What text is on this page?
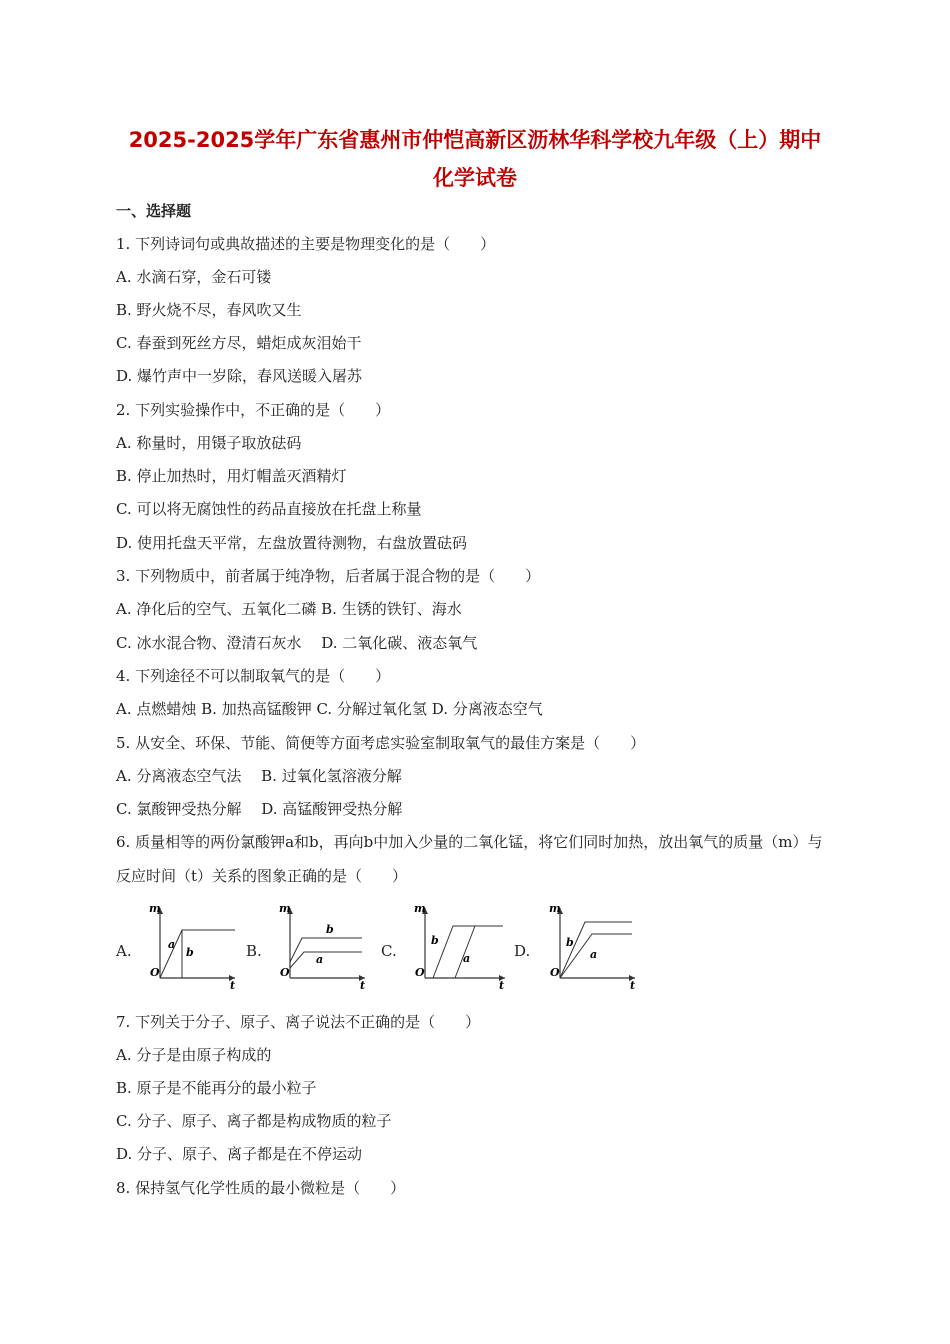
2025-2025学年广东省惠州市仲恺高新区沥林华科学校九年级（上）期中
化学试卷
一、选择题
1. 下列诗词句或典故描述的主要是物理变化的是（　　）
A. 水滴石穿，金石可镂
B. 野火烧不尽，春风吹又生
C. 春蚕到死丝方尽，蜡炬成灰泪始干
D. 爆竹声中一岁除，春风送暖入屠苏
2. 下列实验操作中，不正确的是（　　）
A. 称量时，用镊子取放砝码
B. 停止加热时，用灯帽盖灭酒精灯
C. 可以将无腐蚀性的药品直接放在托盘上称量
D. 使用托盘天平常，左盘放置待测物，右盘放置砝码
3. 下列物质中，前者属于纯净物，后者属于混合物的是（　　）
A. 净化后的空气、五氧化二磷 B. 生锈的铁钉、海水
C. 冰水混合物、澄清石灰水　 D. 二氧化碳、液态氧气
4. 下列途径不可以制取氧气的是（　　）
A. 点燃蜡烛 B. 加热高锰酸钾 C. 分解过氧化氢 D. 分离液态空气
5. 从安全、环保、节能、简便等方面考虑实验室制取氧气的最佳方案是（　　）
A. 分离液态空气法　 B. 过氧化氢溶液分解
C. 氯酸钾受热分解　 D. 高锰酸钾受热分解
6. 质量相等的两份氯酸钾a和b，再向b中加入少量的二氧化锰，将它们同时加热，放出氧气的质量（m）与反应时间（t）关系的图象正确的是（　　）
A.
m
t
O
a
b	B.
m
t
O
b
a	C.
m
t
O
b
a	D.
m
t
O
b
a
7. 下列关于分子、原子、离子说法不正确的是（　　）
A. 分子是由原子构成的
B. 原子是不能再分的最小粒子
C. 分子、原子、离子都是构成物质的粒子
D. 分子、原子、离子都是在不停运动
8. 保持氢气化学性质的最小微粒是（　　）
